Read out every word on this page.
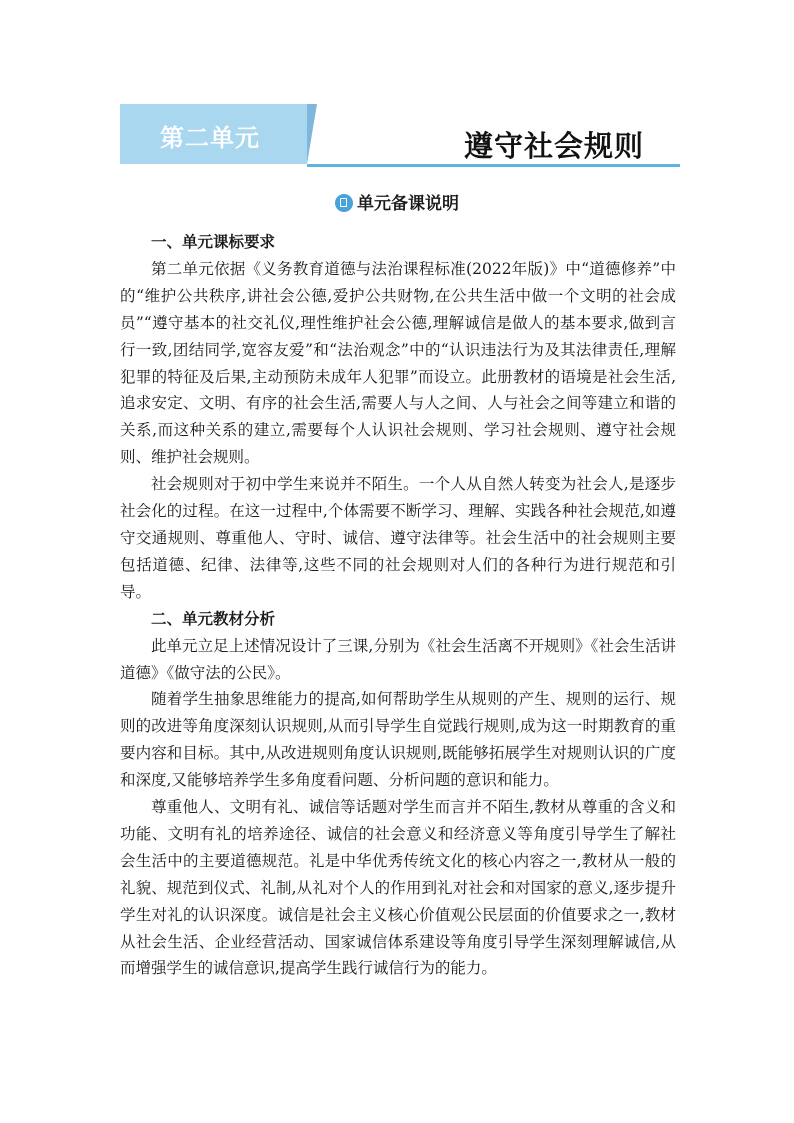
第二单元	遵守社会规则
单元备课说明
一、单元课标要求

第二单元依据《义务教育道德与法治课程标准(2022年版)》中“道德修养”中的“维护公共秩序,讲社会公德,爱护公共财物,在公共生活中做一个文明的社会成员”“遵守基本的社交礼仪,理性维护社会公德,理解诚信是做人的基本要求,做到言行一致,团结同学,宽容友爱”和“法治观念”中的“认识违法行为及其法律责任,理解犯罪的特征及后果,主动预防未成年人犯罪”而设立。此册教材的语境是社会生活,追求安定、文明、有序的社会生活,需要人与人之间、人与社会之间等建立和谐的关系,而这种关系的建立,需要每个人认识社会规则、学习社会规则、遵守社会规则、维护社会规则。

社会规则对于初中学生来说并不陌生。一个人从自然人转变为社会人,是逐步社会化的过程。在这一过程中,个体需要不断学习、理解、实践各种社会规范,如遵守交通规则、尊重他人、守时、诚信、遵守法律等。社会生活中的社会规则主要包括道德、纪律、法律等,这些不同的社会规则对人们的各种行为进行规范和引导。

二、单元教材分析

此单元立足上述情况设计了三课,分别为《社会生活离不开规则》《社会生活讲道德》《做守法的公民》。

随着学生抽象思维能力的提高,如何帮助学生从规则的产生、规则的运行、规则的改进等角度深刻认识规则,从而引导学生自觉践行规则,成为这一时期教育的重要内容和目标。其中,从改进规则角度认识规则,既能够拓展学生对规则认识的广度和深度,又能够培养学生多角度看问题、分析问题的意识和能力。

尊重他人、文明有礼、诚信等话题对学生而言并不陌生,教材从尊重的含义和功能、文明有礼的培养途径、诚信的社会意义和经济意义等角度引导学生了解社会生活中的主要道德规范。礼是中华优秀传统文化的核心内容之一,教材从一般的礼貌、规范到仪式、礼制,从礼对个人的作用到礼对社会和对国家的意义,逐步提升学生对礼的认识深度。诚信是社会主义核心价值观公民层面的价值要求之一,教材从社会生活、企业经营活动、国家诚信体系建设等角度引导学生深刻理解诚信,从而增强学生的诚信意识,提高学生践行诚信行为的能力。
